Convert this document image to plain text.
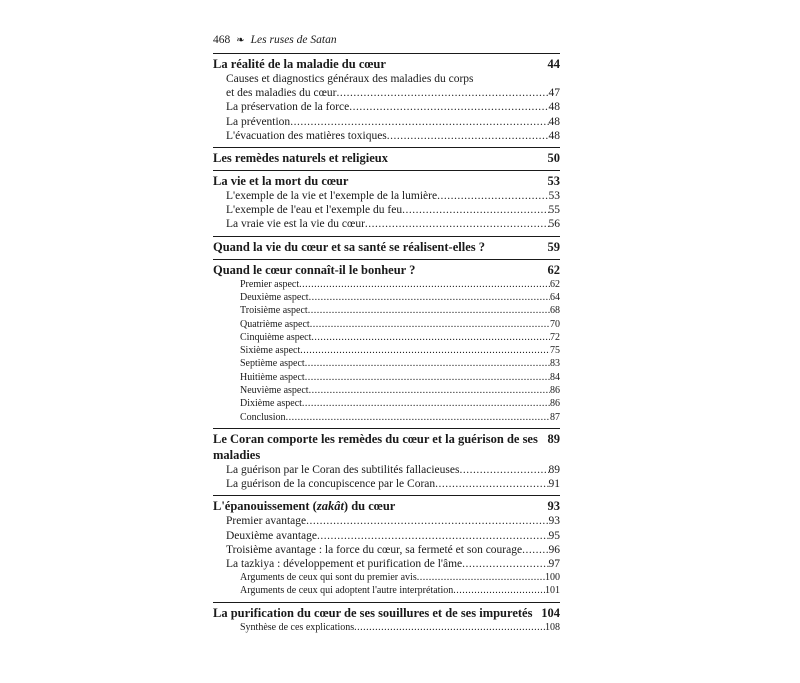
468 ❧ Les ruses de Satan
La réalité de la maladie du cœur	44
Causes et diagnostics généraux des maladies du corps
et des maladies du cœur .....	47
La préservation de la force .....	48
La prévention .....	48
L'évacuation des matières toxiques .....	48
Les remèdes naturels et religieux	50
La vie et la mort du cœur	53
L'exemple de la vie et l'exemple de la lumière .....	53
L'exemple de l'eau et l'exemple du feu .....	55
La vraie vie est la vie du cœur .....	56
Quand la vie du cœur et sa santé se réalisent-elles ?	59
Quand le cœur connaît-il le bonheur ?	62
Premier aspect .....	62
Deuxième aspect .....	64
Troisième aspect .....	68
Quatrième aspect .....	70
Cinquième aspect .....	72
Sixième aspect .....	75
Septième aspect .....	83
Huitième aspect .....	84
Neuvième aspect .....	86
Dixième aspect .....	86
Conclusion .....	87
Le Coran comporte les remèdes du cœur et la guérison de ses maladies
89
La guérison par le Coran des subtilités fallacieuses .....	89
La guérison de la concupiscence par le Coran .....	91
L'épanouissement (zakât) du cœur	93
Premier avantage .....	93
Deuxième avantage .....	95
Troisième avantage : la force du cœur, sa fermeté et son courage ..... 96
La tazkiya : développement et purification de l'âme .....	97
Arguments de ceux qui sont du premier avis .....	100
Arguments de ceux qui adoptent l'autre interprétation .....	101
La purification du cœur de ses souillures et de ses impuretés 104
Synthèse de ces explications .....	108
